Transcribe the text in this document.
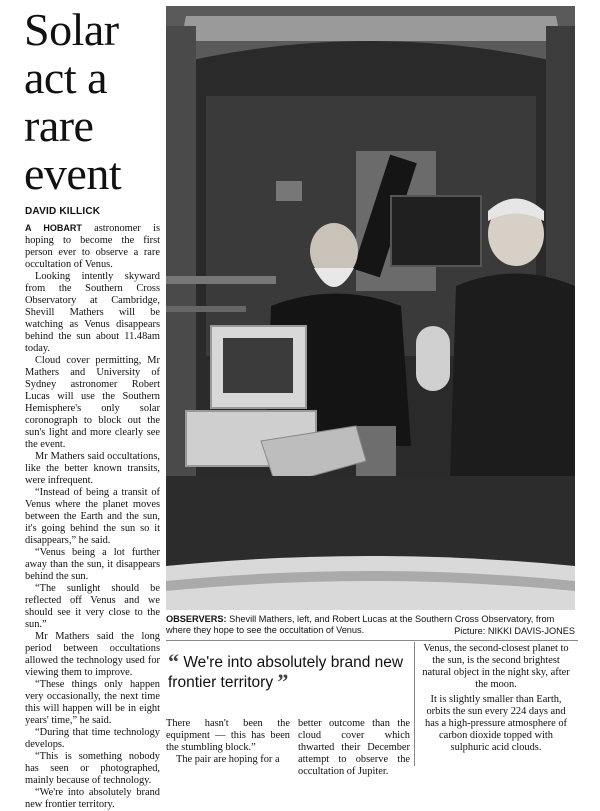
Solar
act a
rare
event
DAVID KILLICK

A HOBART astronomer is hoping to become the first person ever to observe a rare occultation of Venus.

Looking intently skyward from the Southern Cross Observatory at Cambridge, Shevill Mathers will be watching as Venus disappears behind the sun about 11.48am today.

Cloud cover permitting, Mr Mathers and University of Sydney astronomer Robert Lucas will use the Southern Hemisphere's only solar coronograph to block out the sun's light and more clearly see the event.

Mr Mathers said occultations, like the better known transits, were infrequent.

“Instead of being a transit of Venus where the planet moves between the Earth and the sun, it's going behind the sun so it disappears,” he said.

“Venus being a lot further away than the sun, it disappears behind the sun.

“The sunlight should be reflected off Venus and we should see it very close to the sun.”

Mr Mathers said the long period between occultations allowed the technology used for viewing them to improve.

“These things only happen very occasionally, the next time this will happen will be in eight years' time,” he said.

“During that time technology develops.

“This is something nobody has seen or photographed, mainly because of technology.

“We're into absolutely brand new frontier territory.

OBSERVERS: Shevill Mathers, left, and Robert Lucas at the Southern Cross Observatory, from where they hope to see the occultation of Venus.	Picture: NIKKI DAVIS-JONES
“ We're into absolutely brand new frontier territory ”

There hasn't been the equipment — this has been the stumbling block.”

The pair are hoping for a

better outcome than the cloud cover which thwarted their December attempt to observe the occultation of Jupiter.

Venus, the second-closest planet to the sun, is the second brightest natural object in the night sky, after the moon.

It is slightly smaller than Earth, orbits the sun every 224 days and has a high-pressure atmosphere of carbon dioxide topped with sulphuric acid clouds.
